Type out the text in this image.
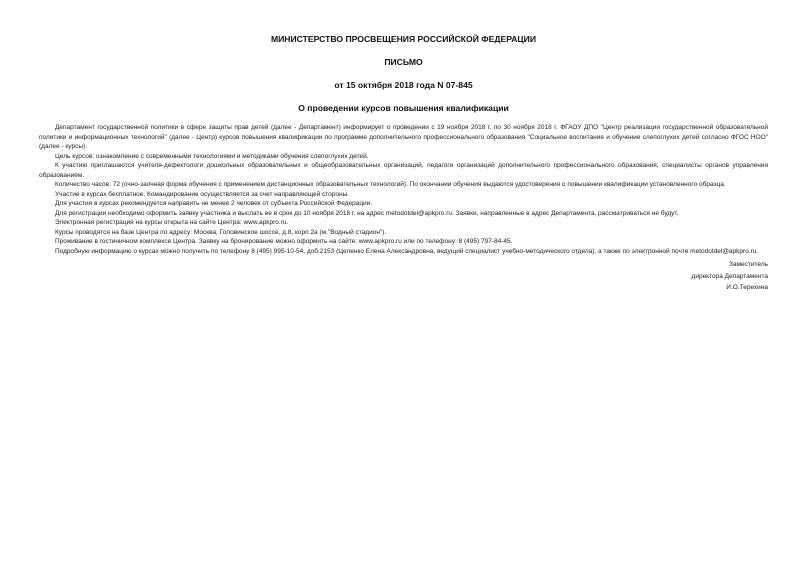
МИНИСТЕРСТВО ПРОСВЕЩЕНИЯ РОССИЙСКОЙ ФЕДЕРАЦИИ
ПИСЬМО
от 15 октября 2018 года N 07-845
О проведении курсов повышения квалификации

Департамент государственной политики в сфере защиты прав детей (далее - Департамент) информирует о проведении с 19 ноября 2018 г. по 30 ноября 2018 г. ФГАОУ ДПО "Центр реализации государственной образовательной политики и информационных технологий" (далее - Центр) курсов повышения квалификации по программе дополнительного профессионального образования "Социальное воспитание и обучение слепоглухих детей согласно ФГОС НОО" (далее - курсы).

Цель курсов: ознакомление с современными технологиями и методиками обучения слепоглухих детей.

К участию приглашаются учителя-дефектологи дошкольных образовательных и общеобразовательных организаций, педагоги организаций дополнительного профессионального образования, специалисты органов управления образованием.

Количество часов: 72 (очно-заочная форма обучения с применением дистанционных образовательных технологий). По окончании обучения выдаются удостоверения о повышении квалификации установленного образца.

Участие в курсах бесплатное. Командирование осуществляется за счет направляющей стороны.

Для участия в курсах рекомендуется направить не менее 2 человек от субъекта Российской Федерации.

Для регистрации необходимо оформить заявку участника и выслать ее в срок до 10 ноября 2018 г. на адрес metodotdel@apkpro.ru. Заявки, направленные в адрес Департамента, рассматриваться не будут.

Электронная регистрация на курсы открыта на сайте Центра: www.apkpro.ru.

Курсы проводятся на базе Центра по адресу: Москва, Головинское шоссе, д.8, корп.2а (м."Водный стадион").

Проживание в гостиничном комплексе Центра. Заявку на бронирование можно оформить на сайте: www.apkpro.ru или по телефону: 8 (495) 797-84-45.

Подробную информацию о курсах можно получить по телефону 8 (495) 995-10-54, доб.2153 (Целенко Елена Александровна, ведущий специалист учебно-методического отдела), а также по электронной почте metodotdel@apkpro.ru.

Заместитель
директора Департамента
И.О.Терехина
